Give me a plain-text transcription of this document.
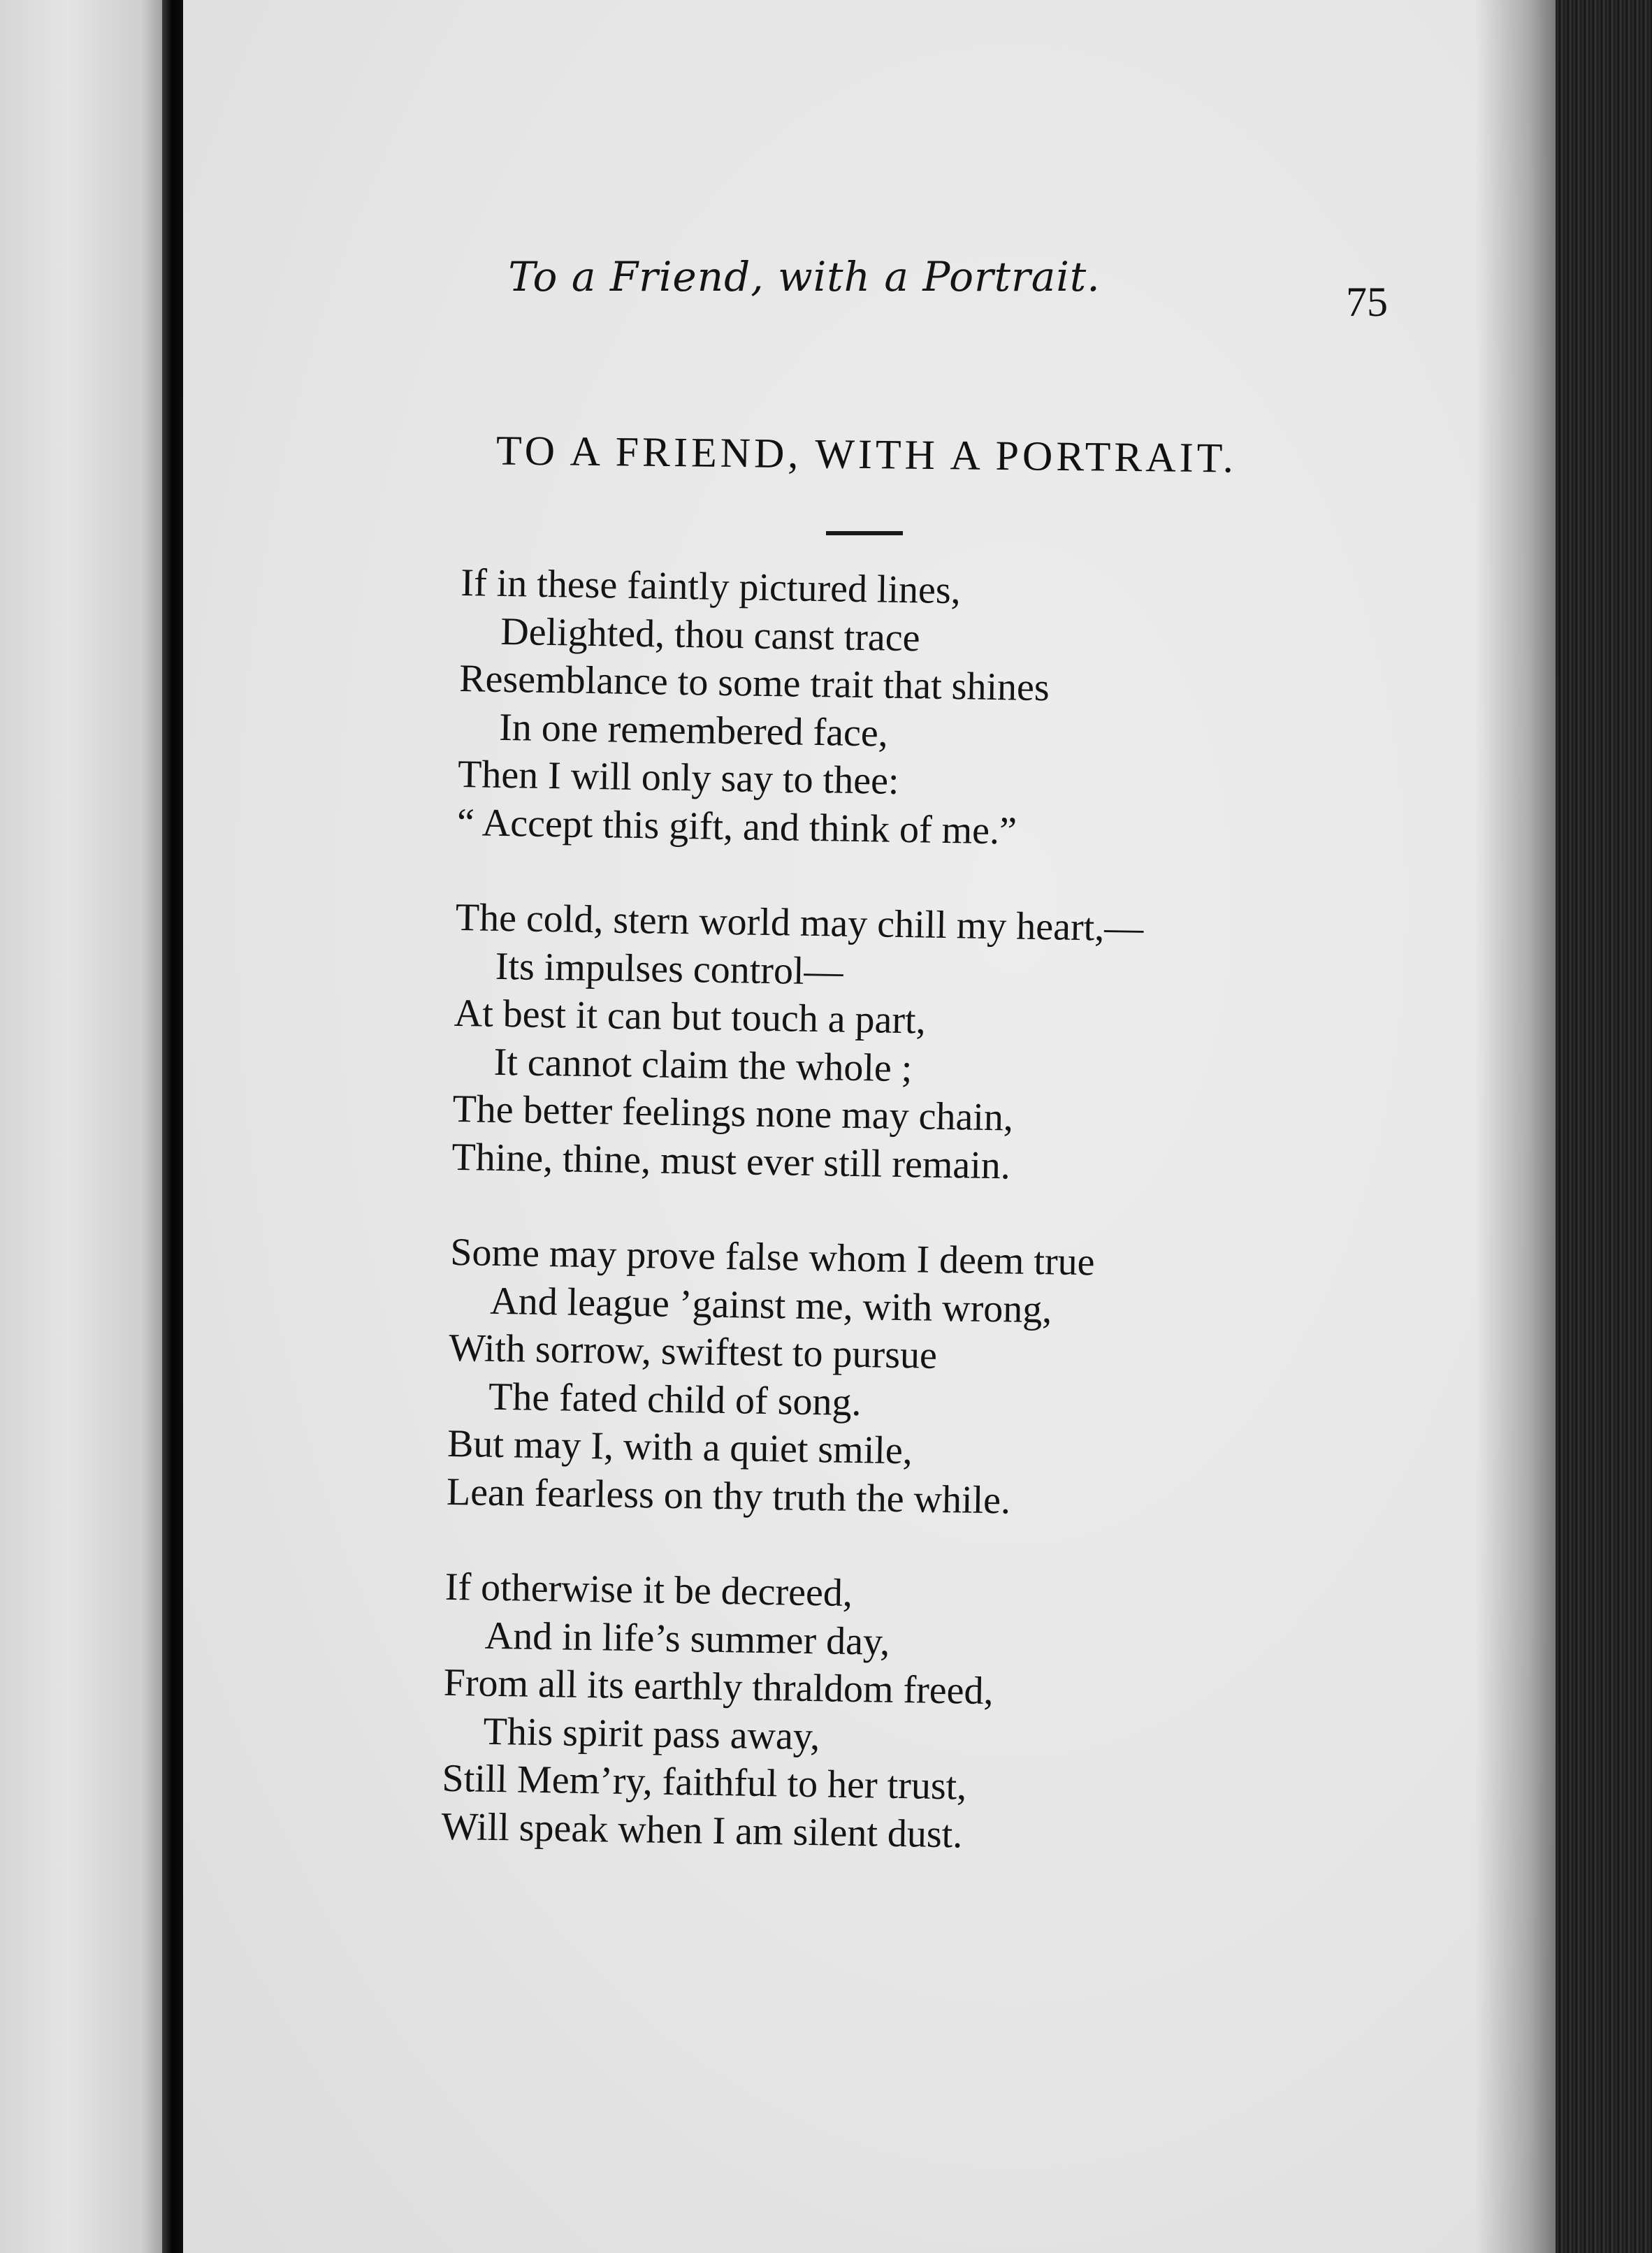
To a Friend, with a Portrait.
75
TO A FRIEND, WITH A PORTRAIT.
If in these faintly pictured lines,
Delighted, thou canst trace
Resemblance to some trait that shines
In one remembered face,
Then I will only say to thee:
“ Accept this gift, and think of me.”
The cold, stern world may chill my heart,—
Its impulses control—
At best it can but touch a part,
It cannot claim the whole ;
The better feelings none may chain,
Thine, thine, must ever still remain.
Some may prove false whom I deem true
And league ’gainst me, with wrong,
With sorrow, swiftest to pursue
The fated child of song.
But may I, with a quiet smile,
Lean fearless on thy truth the while.
If otherwise it be decreed,
And in life’s summer day,
From all its earthly thraldom freed,
This spirit pass away,
Still Mem’ry, faithful to her trust,
Will speak when I am silent dust.
